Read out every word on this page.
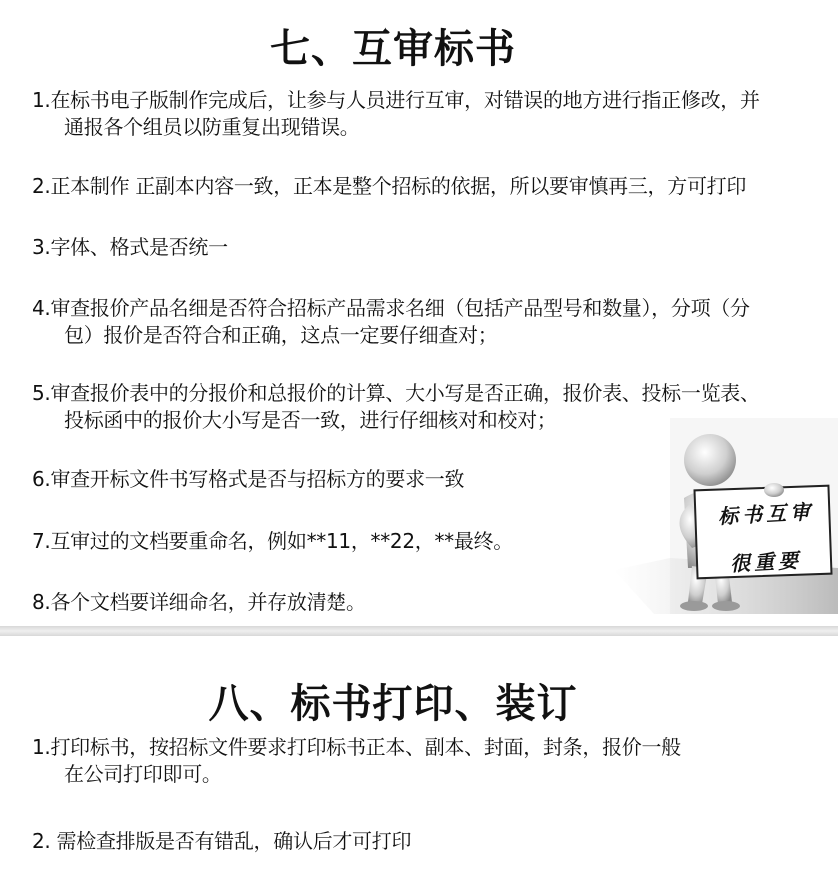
七、互审标书
1.在标书电子版制作完成后，让参与人员进行互审，对错误的地方进行指正修改，并
通报各个组员以防重复出现错误。
2.正本制作 正副本内容一致，正本是整个招标的依据，所以要审慎再三，方可打印
3.字体、格式是否统一
4.审查报价产品名细是否符合招标产品需求名细（包括产品型号和数量），分项（分
包）报价是否符合和正确，这点一定要仔细查对；
5.审查报价表中的分报价和总报价的计算、大小写是否正确，报价表、投标一览表、
投标函中的报价大小写是否一致，进行仔细核对和校对；
6.审查开标文件书写格式是否与招标方的要求一致
7.互审过的文档要重命名，例如**11，**22，**最终。
8.各个文档要详细命名，并存放清楚。
标书互审
很重要
八、标书打印、装订
1.打印标书，按招标文件要求打印标书正本、副本、封面，封条，报价一般
在公司打印即可。
2. 需检查排版是否有错乱，确认后才可打印
